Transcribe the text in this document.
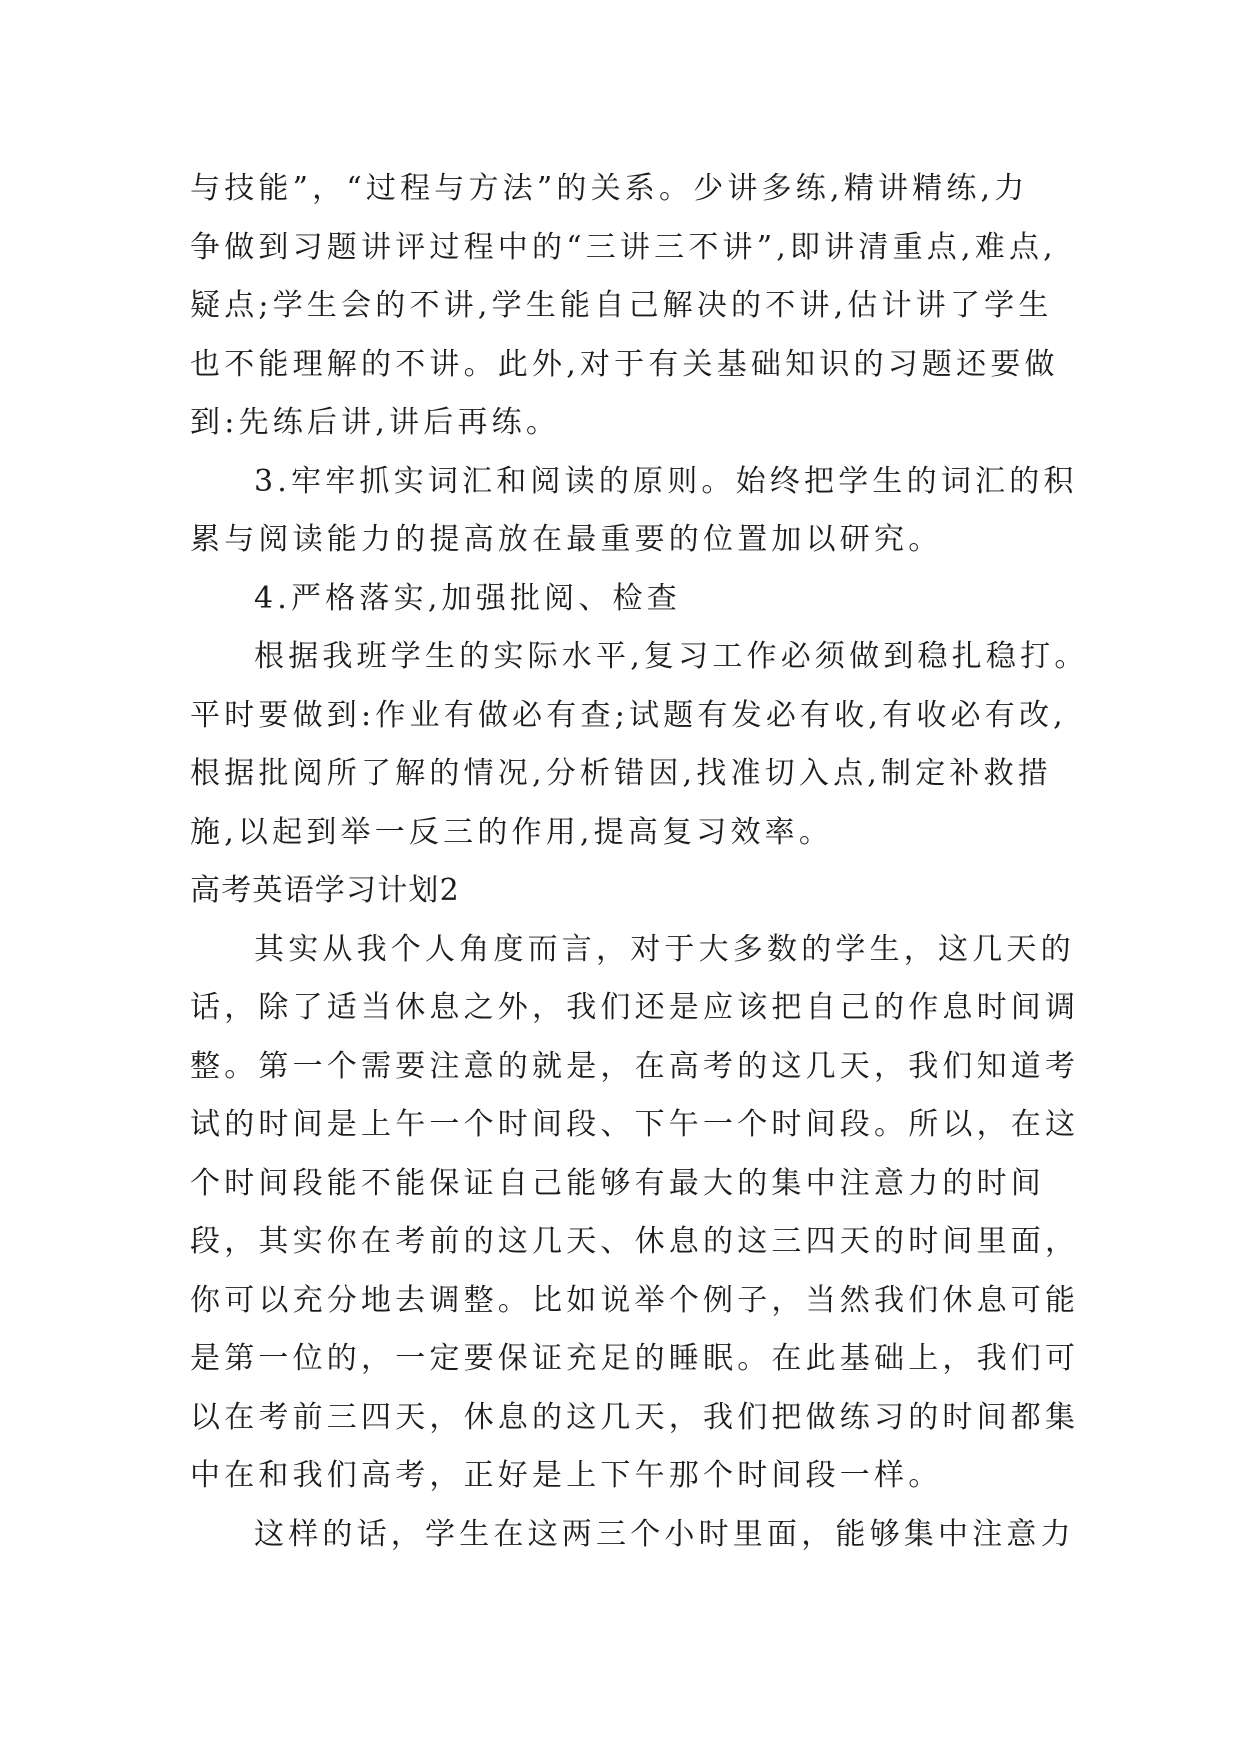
与技能”，“过程与方法”的关系。少讲多练,精讲精练,力
争做到习题讲评过程中的“三讲三不讲”,即讲清重点,难点,
疑点;学生会的不讲,学生能自己解决的不讲,估计讲了学生
也不能理解的不讲。此外,对于有关基础知识的习题还要做
到:先练后讲,讲后再练。
3.牢牢抓实词汇和阅读的原则。始终把学生的词汇的积
累与阅读能力的提高放在最重要的位置加以研究。
4.严格落实,加强批阅、检查
根据我班学生的实际水平,复习工作必须做到稳扎稳打。
平时要做到:作业有做必有查;试题有发必有收,有收必有改,
根据批阅所了解的情况,分析错因,找准切入点,制定补救措
施,以起到举一反三的作用,提高复习效率。
高考英语学习计划2
其实从我个人角度而言，对于大多数的学生，这几天的
话，除了适当休息之外，我们还是应该把自己的作息时间调
整。第一个需要注意的就是，在高考的这几天，我们知道考
试的时间是上午一个时间段、下午一个时间段。所以，在这
个时间段能不能保证自己能够有最大的集中注意力的时间
段，其实你在考前的这几天、休息的这三四天的时间里面，
你可以充分地去调整。比如说举个例子，当然我们休息可能
是第一位的，一定要保证充足的睡眠。在此基础上，我们可
以在考前三四天，休息的这几天，我们把做练习的时间都集
中在和我们高考，正好是上下午那个时间段一样。
这样的话，学生在这两三个小时里面，能够集中注意力
